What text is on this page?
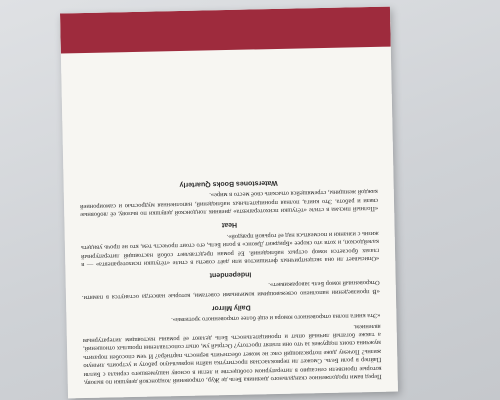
Перед вами продолженное скандального дневника Бель де Жур, откровений лондонской девушки по вызову, которые произвели сенсацию в литературном сообществе и легли в основу нашумевшего сериала с Билли Пайпер в роли Бель. Сможет ли первоклассная проститутка найти нормальную работу и устроить личную жизнь? Почему даже потрясающий секс не может обеспечить верность партнёра? И чем способен поразить мужчина своих подружек за что они платят простоту? Острый ум, опыт сопоставления прошлых отношений, а также богатый личный опыт и проницательность Бель делают её романы настоящим литературным явлением.

«Эта книга полна откровенного юмора и ещё более откровенного эротизма».

Daily Mirror

«В произведении наполнено освежающими комичными советами, которые навсегда останутся в памяти. Откровенный юмор Бель завораживает».

Independent

«Описывает ли она эксцентричных фетишистов или даёт советы в стиле «тётушки психотерапевта» — в глазах бросается юмор острых наблюдений. Её роман представляет собой настоящий литературный калейдоскоп, и хотя это скорее «Бриджит Джонс» в роли Бель, его стоит прочесть тем, кто не прочь увидеть жизнь с изнанки и посмеяться над её горькой правдой».

Heat

«Полный письма в стиле «тётушки психотерапевта» дневник лондонской девушки по вызову, её любовные связи и работа. Это книга, полная проницательных наблюдений, наполненная мудростью и самоиронией каждой женщины, стремящейся отыскать своё место в мире».

Waterstones Books Quarterly
